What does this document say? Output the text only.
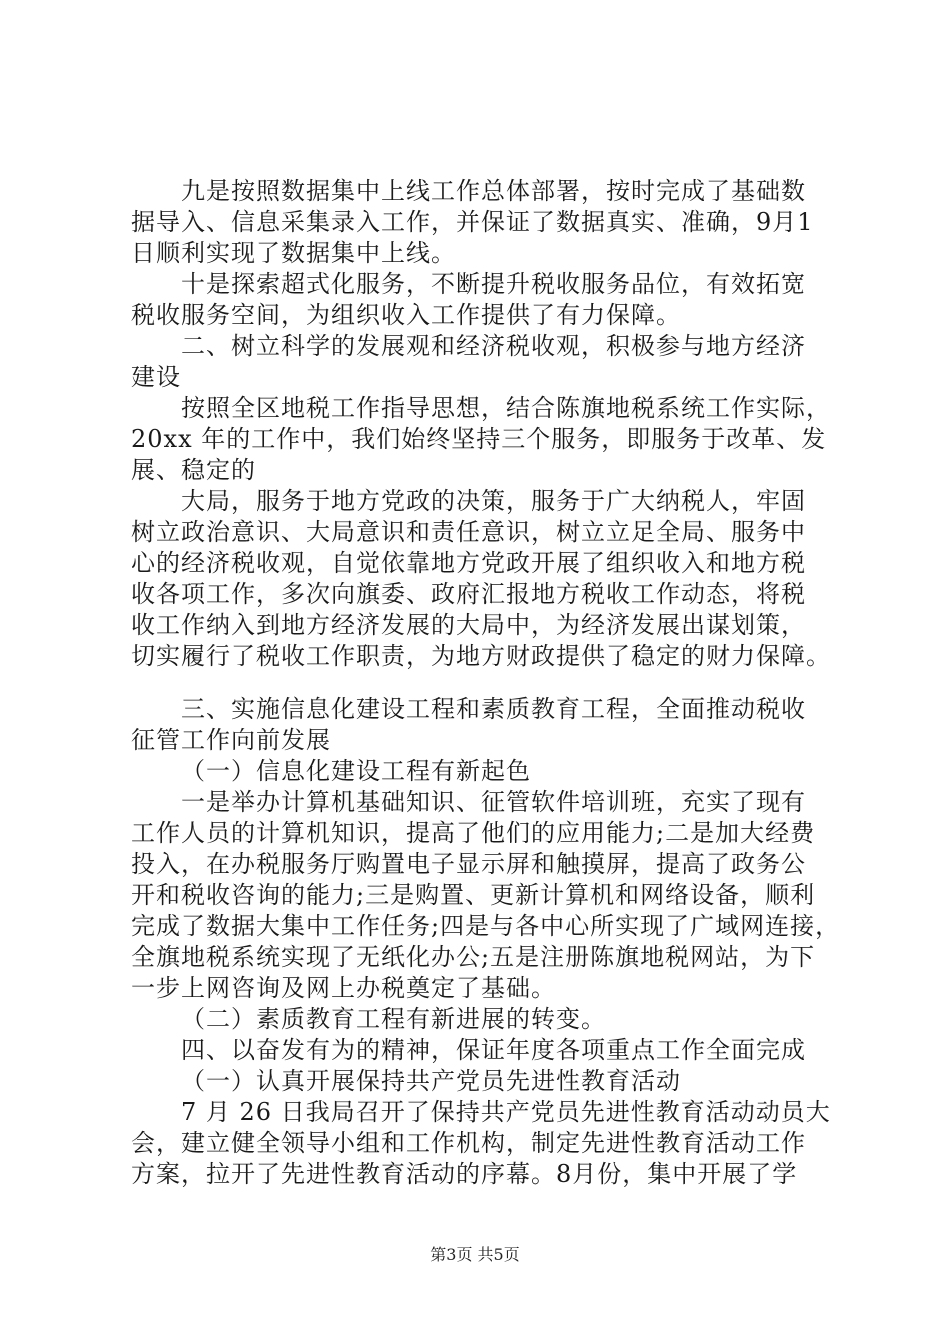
九是按照数据集中上线工作总体部署，按时完成了基础数
据导入、信息采集录入工作，并保证了数据真实、准确，9月1
日顺利实现了数据集中上线。
十是探索超式化服务，不断提升税收服务品位，有效拓宽
税收服务空间，为组织收入工作提供了有力保障。
二、树立科学的发展观和经济税收观，积极参与地方经济
建设
按照全区地税工作指导思想，结合陈旗地税系统工作实际，
20xx 年的工作中，我们始终坚持三个服务，即服务于改革、发
展、稳定的
大局，服务于地方党政的决策，服务于广大纳税人，牢固
树立政治意识、大局意识和责任意识，树立立足全局、服务中
心的经济税收观，自觉依靠地方党政开展了组织收入和地方税
收各项工作，多次向旗委、政府汇报地方税收工作动态，将税
收工作纳入到地方经济发展的大局中，为经济发展出谋划策，
切实履行了税收工作职责，为地方财政提供了稳定的财力保障。
三、实施信息化建设工程和素质教育工程，全面推动税收
征管工作向前发展
（一）信息化建设工程有新起色
一是举办计算机基础知识、征管软件培训班，充实了现有
工作人员的计算机知识，提高了他们的应用能力;二是加大经费
投入，在办税服务厅购置电子显示屏和触摸屏，提高了政务公
开和税收咨询的能力;三是购置、更新计算机和网络设备，顺利
完成了数据大集中工作任务;四是与各中心所实现了广域网连接，
全旗地税系统实现了无纸化办公;五是注册陈旗地税网站，为下
一步上网咨询及网上办税奠定了基础。
（二）素质教育工程有新进展的转变。
四、以奋发有为的精神，保证年度各项重点工作全面完成
（一）认真开展保持共产党员先进性教育活动
7 月 26 日我局召开了保持共产党员先进性教育活动动员大
会，建立健全领导小组和工作机构，制定先进性教育活动工作
方案，拉开了先进性教育活动的序幕。8月份，集中开展了学
第3页 共5页
